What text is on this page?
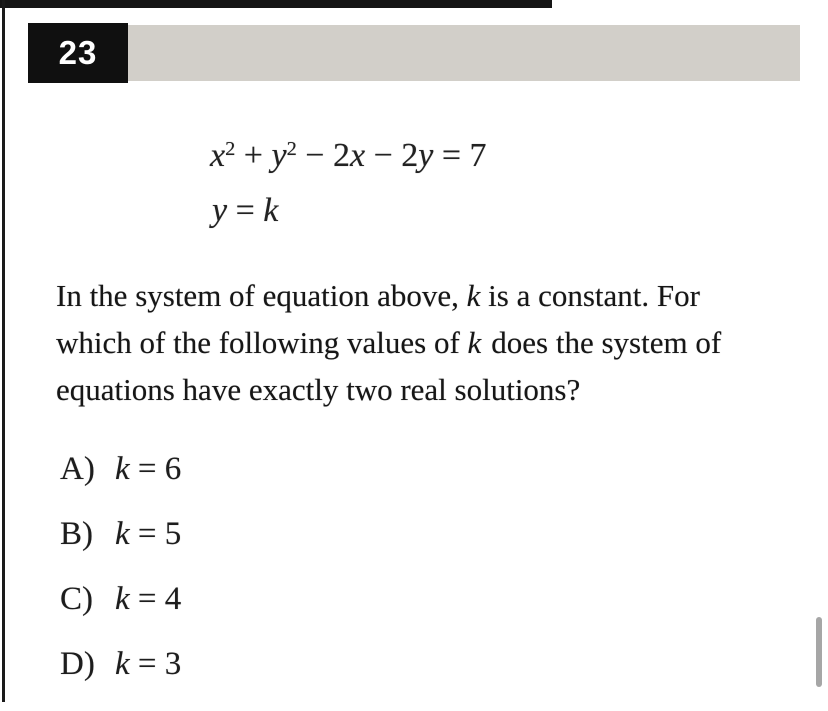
23
$x^2 + y^2 - 2x - 2y = 7$
y = k
In the system of equation above, k is a constant. For
which of the following values of k does the system of
equations have exactly two real solutions?
A) k = 6
B) k = 5
C) k = 4
D) k = 3
